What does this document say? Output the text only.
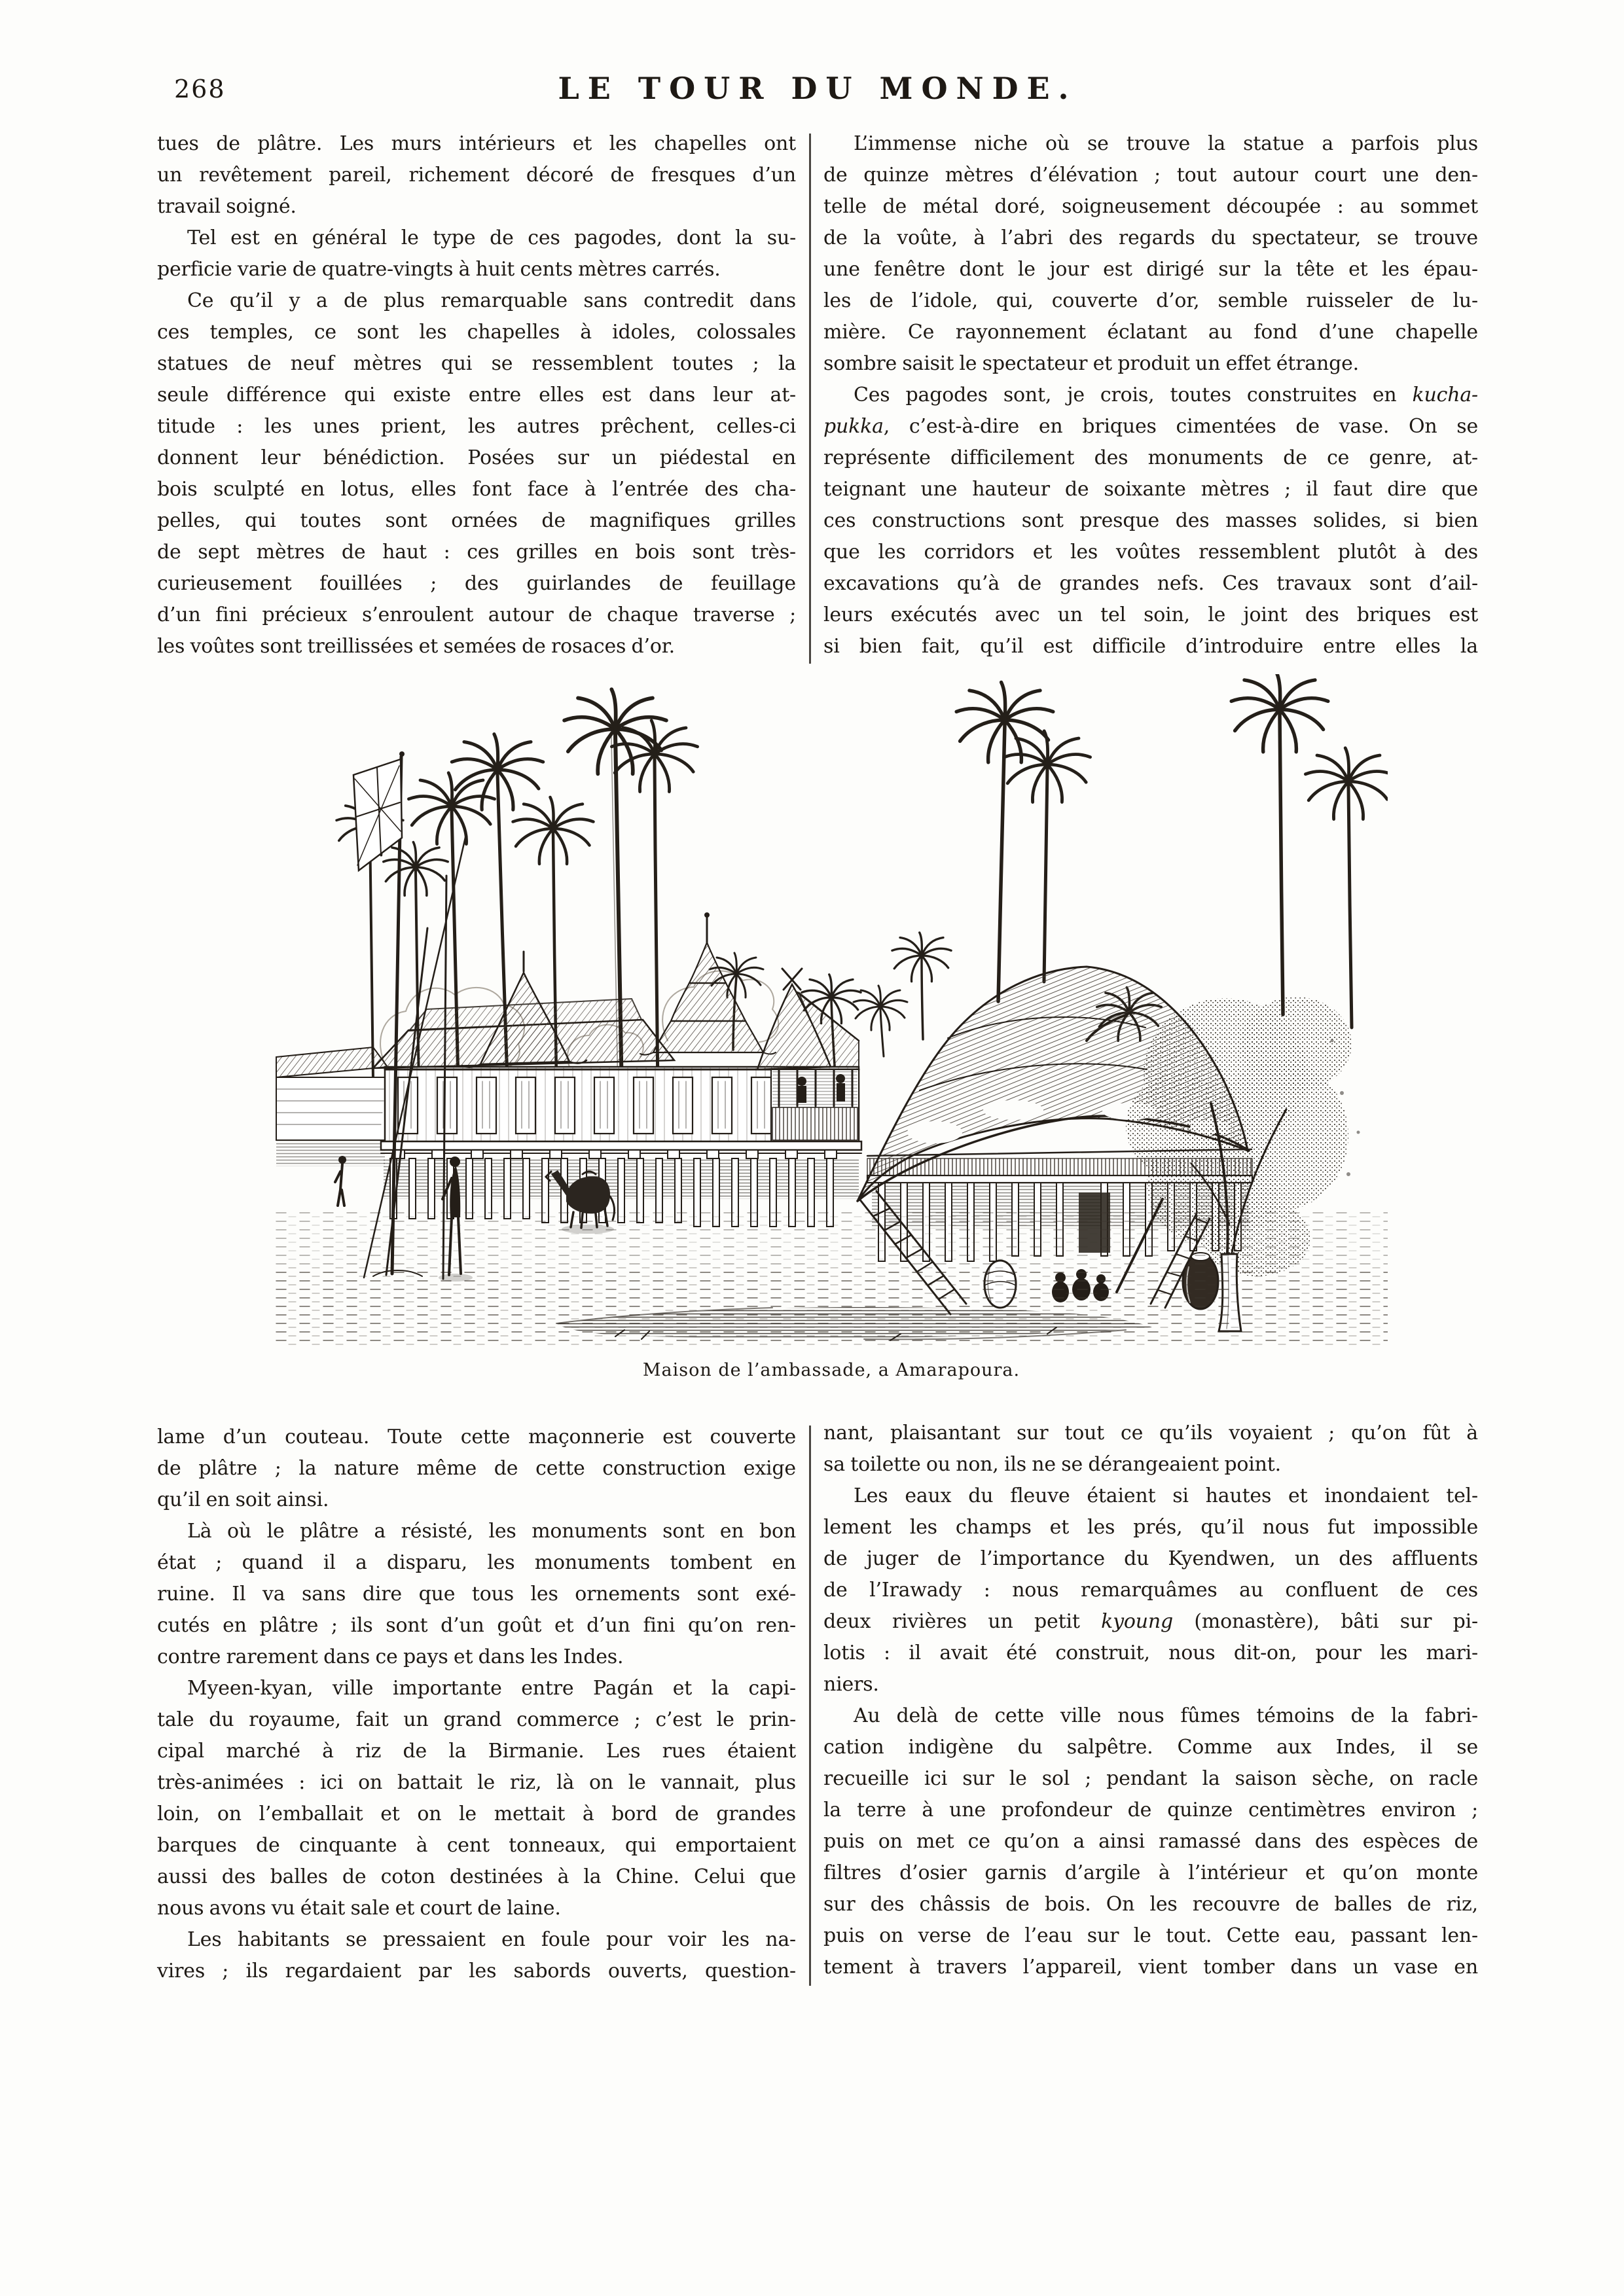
268	LE TOUR DU MONDE.
tues de plâtre. Les murs intérieurs et les chapelles ont
un revêtement pareil, richement décoré de fresques d’un
travail soigné.
Tel est en général le type de ces pagodes, dont la su-
perficie varie de quatre-vingts à huit cents mètres carrés.
Ce qu’il y a de plus remarquable sans contredit dans
ces temples, ce sont les chapelles à idoles, colossales
statues de neuf mètres qui se ressemblent toutes ; la
seule différence qui existe entre elles est dans leur at-
titude : les unes prient, les autres prêchent, celles-ci
donnent leur bénédiction. Posées sur un piédestal en
bois sculpté en lotus, elles font face à l’entrée des cha-
pelles, qui toutes sont ornées de magnifiques grilles
de sept mètres de haut : ces grilles en bois sont très-
curieusement fouillées ; des guirlandes de feuillage
d’un fini précieux s’enroulent autour de chaque traverse ;
les voûtes sont treillissées et semées de rosaces d’or.
L’immense niche où se trouve la statue a parfois plus
de quinze mètres d’élévation ; tout autour court une den-
telle de métal doré, soigneusement découpée : au sommet
de la voûte, à l’abri des regards du spectateur, se trouve
une fenêtre dont le jour est dirigé sur la tête et les épau-
les de l’idole, qui, couverte d’or, semble ruisseler de lu-
mière. Ce rayonnement éclatant au fond d’une chapelle
sombre saisit le spectateur et produit un effet étrange.
Ces pagodes sont, je crois, toutes construites en kucha-
pukka, c’est-à-dire en briques cimentées de vase. On se
représente difficilement des monuments de ce genre, at-
teignant une hauteur de soixante mètres ; il faut dire que
ces constructions sont presque des masses solides, si bien
que les corridors et les voûtes ressemblent plutôt à des
excavations qu’à de grandes nefs. Ces travaux sont d’ail-
leurs exécutés avec un tel soin, le joint des briques est
si bien fait, qu’il est difficile d’introduire entre elles la
Maison de l’ambassade, a Amarapoura.
lame d’un couteau. Toute cette maçonnerie est couverte
de plâtre ; la nature même de cette construction exige
qu’il en soit ainsi.
Là où le plâtre a résisté, les monuments sont en bon
état ; quand il a disparu, les monuments tombent en
ruine. Il va sans dire que tous les ornements sont exé-
cutés en plâtre ; ils sont d’un goût et d’un fini qu’on ren-
contre rarement dans ce pays et dans les Indes.
Myeen-kyan, ville importante entre Pagán et la capi-
tale du royaume, fait un grand commerce ; c’est le prin-
cipal marché à riz de la Birmanie. Les rues étaient
très-animées : ici on battait le riz, là on le vannait, plus
loin, on l’emballait et on le mettait à bord de grandes
barques de cinquante à cent tonneaux, qui emportaient
aussi des balles de coton destinées à la Chine. Celui que
nous avons vu était sale et court de laine.
Les habitants se pressaient en foule pour voir les na-
vires ; ils regardaient par les sabords ouverts, question-
nant, plaisantant sur tout ce qu’ils voyaient ; qu’on fût à
sa toilette ou non, ils ne se dérangeaient point.
Les eaux du fleuve étaient si hautes et inondaient tel-
lement les champs et les prés, qu’il nous fut impossible
de juger de l’importance du Kyendwen, un des affluents
de l’Irawady : nous remarquâmes au confluent de ces
deux rivières un petit kyoung (monastère), bâti sur pi-
lotis : il avait été construit, nous dit-on, pour les mari-
niers.
Au delà de cette ville nous fûmes témoins de la fabri-
cation indigène du salpêtre. Comme aux Indes, il se
recueille ici sur le sol ; pendant la saison sèche, on racle
la terre à une profondeur de quinze centimètres environ ;
puis on met ce qu’on a ainsi ramassé dans des espèces de
filtres d’osier garnis d’argile à l’intérieur et qu’on monte
sur des châssis de bois. On les recouvre de balles de riz,
puis on verse de l’eau sur le tout. Cette eau, passant len-
tement à travers l’appareil, vient tomber dans un vase en
